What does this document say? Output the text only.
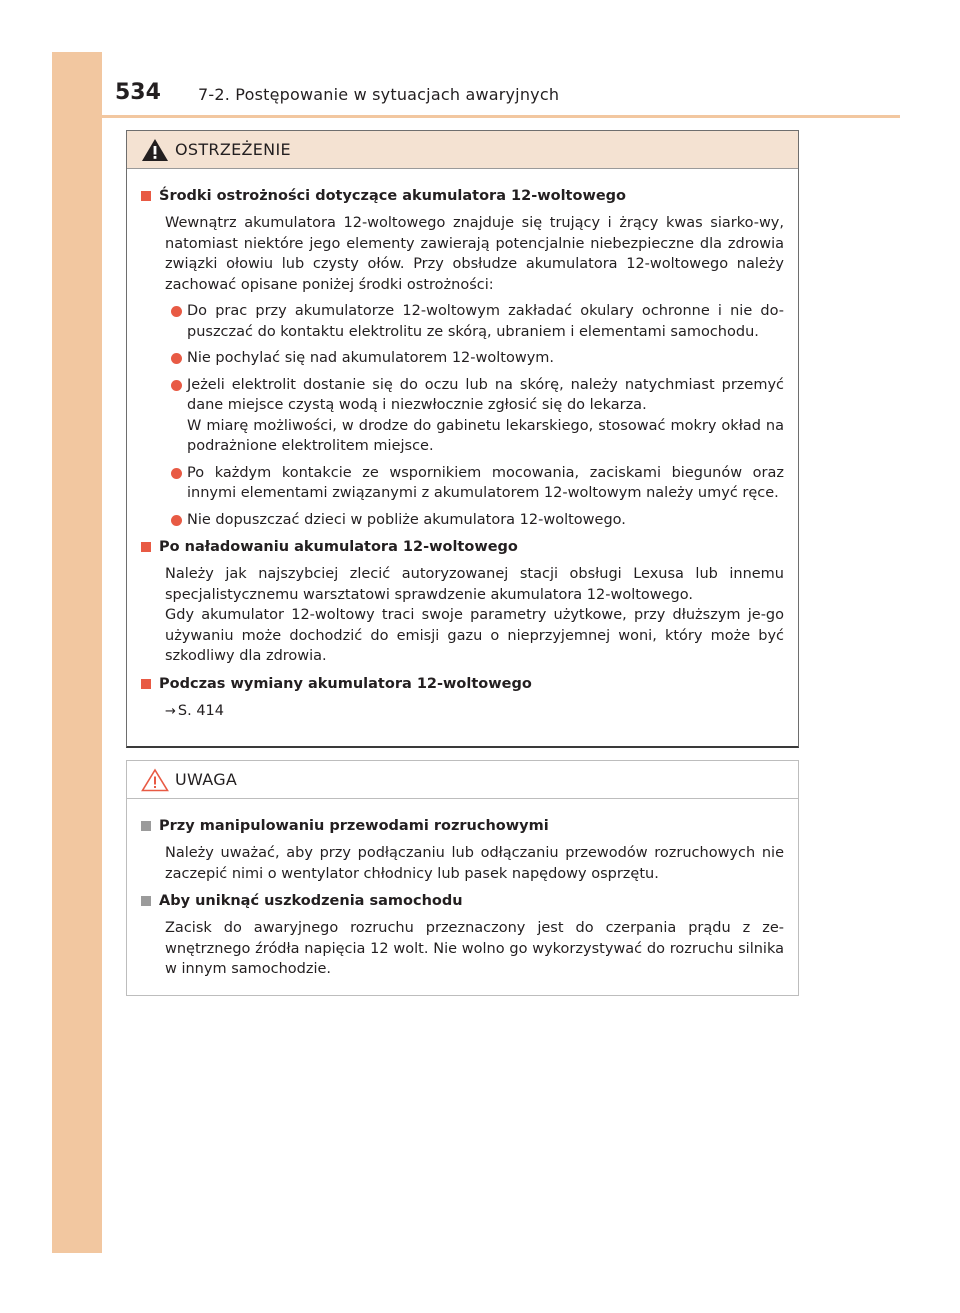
534 7-2. Postępowanie w sytuacjach awaryjnych
OSTRZEŻENIE
Środki ostrożności dotyczące akumulatora 12-woltowego
Wewnątrz akumulatora 12-woltowego znajduje się trujący i żrący kwas siarko-wy, natomiast niektóre jego elementy zawierają potencjalnie niebezpieczne dla zdrowia związki ołowiu lub czysty ołów. Przy obsłudze akumulatora 12-woltowego należy zachować opisane poniżej środki ostrożności:
Do prac przy akumulatorze 12-woltowym zakładać okulary ochronne i nie do-puszczać do kontaktu elektrolitu ze skórą, ubraniem i elementami samochodu.
Nie pochylać się nad akumulatorem 12-woltowym.
Jeżeli elektrolit dostanie się do oczu lub na skórę, należy natychmiast przemyć dane miejsce czystą wodą i niezwłocznie zgłosić się do lekarza.
W miarę możliwości, w drodze do gabinetu lekarskiego, stosować mokry okład na podrażnione elektrolitem miejsce.
Po każdym kontakcie ze wspornikiem mocowania, zaciskami biegunów oraz innymi elementami związanymi z akumulatorem 12-woltowym należy umyć ręce.
Nie dopuszczać dzieci w pobliże akumulatora 12-woltowego.
Po naładowaniu akumulatora 12-woltowego
Należy jak najszybciej zlecić autoryzowanej stacji obsługi Lexusa lub innemu specjalistycznemu warsztatowi sprawdzenie akumulatora 12-woltowego.
Gdy akumulator 12-woltowy traci swoje parametry użytkowe, przy dłuższym je-go używaniu może dochodzić do emisji gazu o nieprzyjemnej woni, który może być szkodliwy dla zdrowia.
Podczas wymiany akumulatora 12-woltowego
→ S. 414
UWAGA
Przy manipulowaniu przewodami rozruchowymi
Należy uważać, aby przy podłączaniu lub odłączaniu przewodów rozruchowych nie zaczepić nimi o wentylator chłodnicy lub pasek napędowy osprzętu.
Aby uniknąć uszkodzenia samochodu
Zacisk do awaryjnego rozruchu przeznaczony jest do czerpania prądu z ze-wnętrznego źródła napięcia 12 wolt. Nie wolno go wykorzystywać do rozruchu silnika w innym samochodzie.
